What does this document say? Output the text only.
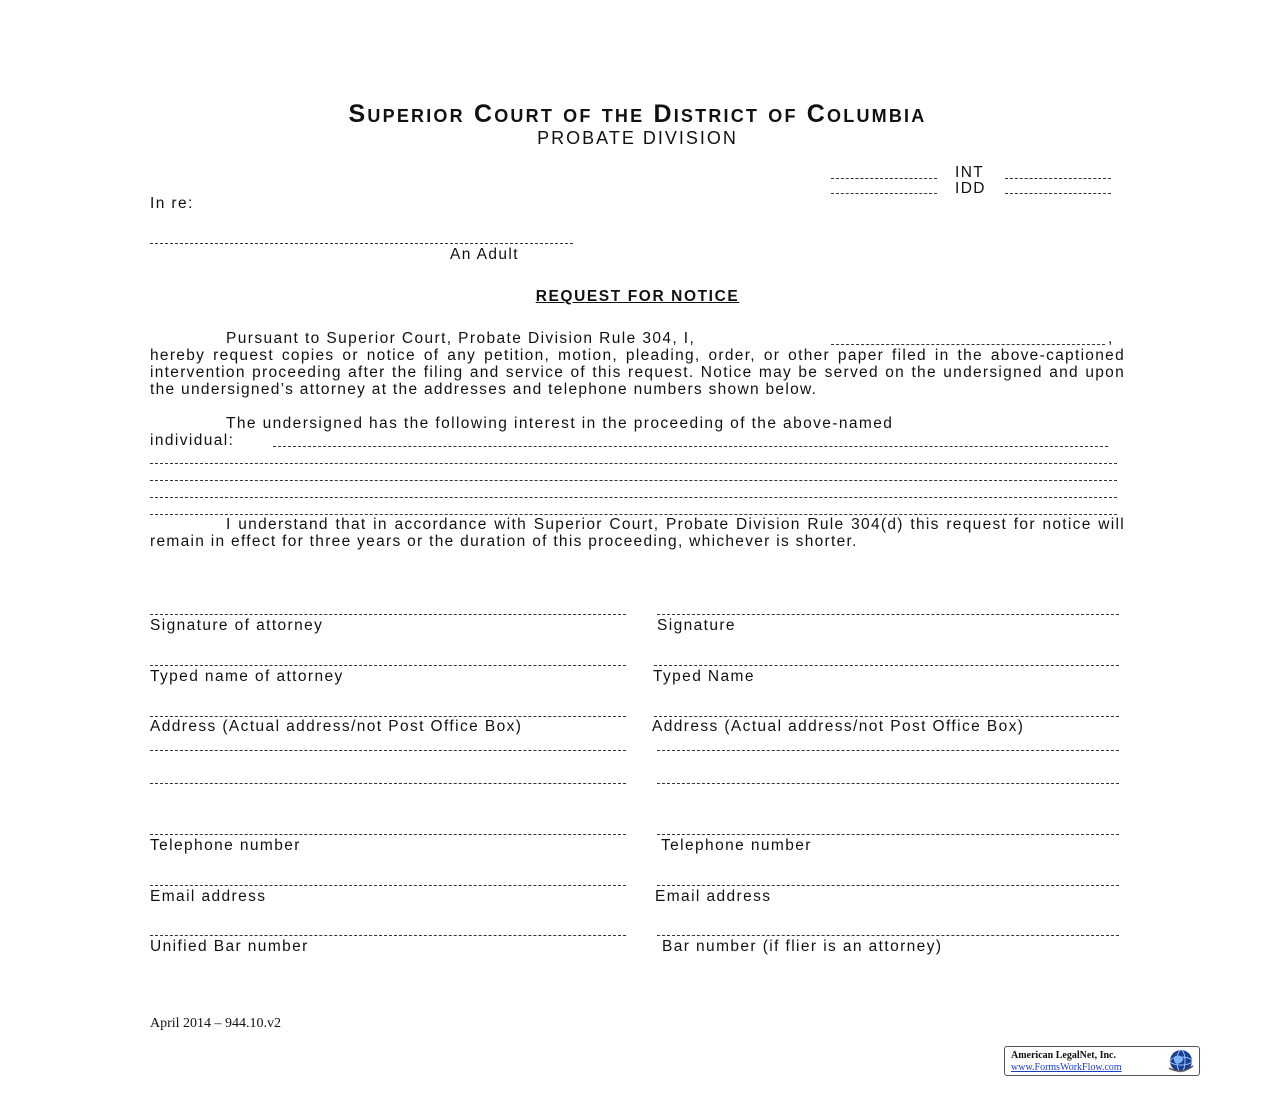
Superior Court of the District of Columbia
PROBATE DIVISION
INT
IDD
In re:
An Adult
REQUEST FOR NOTICE
Pursuant to Superior Court, Probate Division Rule 304, I,	,

hereby request copies or notice of any petition, motion, pleading, order, or other paper filed in the above-captioned intervention proceeding after the filing and service of this request. Notice may be served on the undersigned and upon the undersigned’s attorney at the addresses and telephone numbers shown below.

The undersigned has the following interest in the proceeding of the above-named
individual:

I understand that in accordance with Superior Court, Probate Division Rule 304(d) this request for notice will remain in effect for three years or the duration of this proceeding, whichever is shorter.

Signature of attorney
Typed name of attorney
Address (Actual address/not Post Office Box)
Telephone number
Email address
Unified Bar number
Signature
Typed Name
Address (Actual address/not Post Office Box)
Telephone number
Email address
Bar number (if flier is an attorney)
April 2014 – 944.10.v2
American LegalNet, Inc.
www.FormsWorkFlow.com
